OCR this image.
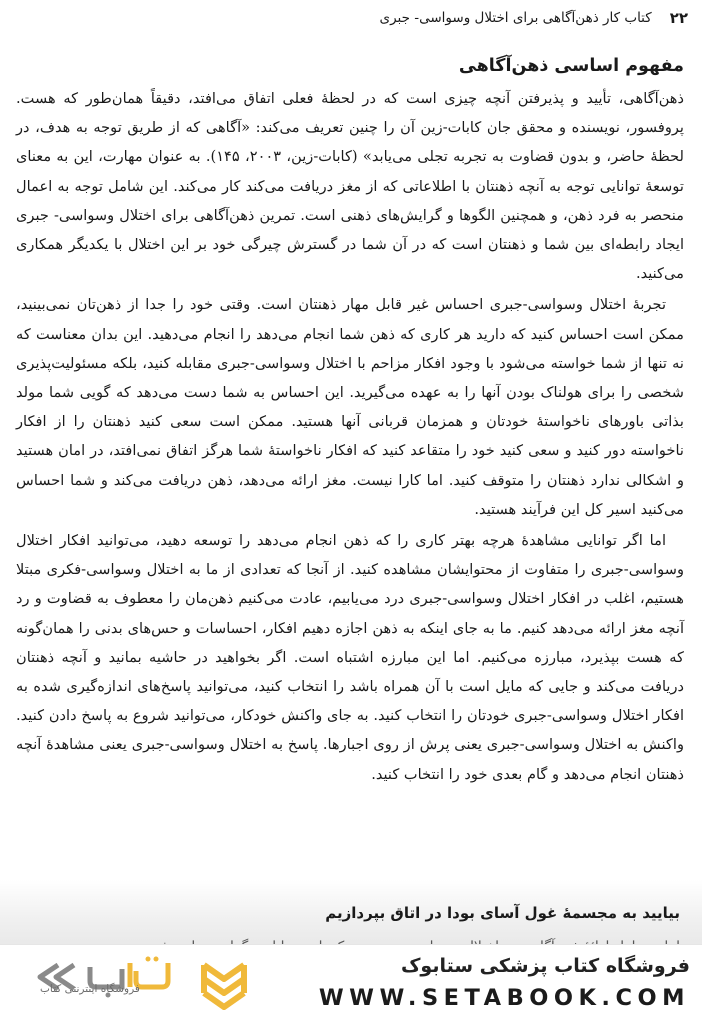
۲۲
کتاب کار ذهن‌آگاهی برای اختلال وسواسی- جبری
مفهوم اساسی ذهن‌آگاهی

ذهن‌آگاهی، تأیید و پذیرفتن آنچه چیزی است که در لحظهٔ فعلی اتفاق می‌افتد، دقیقاً همان‌طور که هست. پروفسور، نویسنده و محقق جان کابات-زین آن را چنین تعریف می‌کند: «آگاهی که از طریق توجه به هدف، در لحظهٔ حاضر، و بدون قضاوت به تجربه تجلی می‌یابد» (کابات-زین، ۲۰۰۳، ۱۴۵). به عنوان مهارت، این به معنای توسعهٔ توانایی توجه به آنچه ذهنتان با اطلاعاتی که از مغز دریافت می‌کند کار می‌کند. این شامل توجه به اعمال منحصر به فرد ذهن، و همچنین الگوها و گرایش‌های ذهنی است. تمرین ذهن‌آگاهی برای اختلال وسواسی- جبری ایجاد رابطه‌ای بین شما و ذهنتان است که در آن شما در گسترش چیرگی خود بر این اختلال با یکدیگر همکاری می‌کنید.

تجربهٔ اختلال وسواسی-جبری احساس غیر قابل مهار ذهنتان است. وقتی خود را جدا از ذهن‌تان نمی‌بینید، ممکن است احساس کنید که دارید هر کاری که ذهن شما انجام می‌دهد را انجام می‌دهید. این بدان معناست که نه تنها از شما خواسته می‌شود با وجود افکار مزاحم با اختلال وسواسی-جبری مقابله کنید، بلکه مسئولیت‌پذیری شخصی را برای هولناک بودن آنها را به عهده می‌گیرید. این احساس به شما دست می‌دهد که گویی شما مولد بذاتی باورهای ناخواستهٔ خودتان و همزمان قربانی آنها هستید. ممکن است سعی کنید ذهنتان را از افکار ناخواسته دور کنید و سعی کنید خود را متقاعد کنید که افکار ناخواستهٔ شما هرگز اتفاق نمی‌افتد، در امان هستید و اشکالی ندارد ذهنتان را متوقف کنید. اما کارا نیست. مغز ارائه می‌دهد، ذهن دریافت می‌کند و شما احساس می‌کنید اسیر کل این فرآیند هستید.

اما اگر توانایی مشاهدهٔ هرچه بهتر کاری را که ذهن انجام می‌دهد را توسعه دهید، می‌توانید افکار اختلال وسواسی-جبری را متفاوت از محتوایشان مشاهده کنید. از آنجا که تعدادی از ما به اختلال وسواسی-فکری مبتلا هستیم، اغلب در افکار اختلال وسواسی-جبری درد می‌یابیم، عادت می‌کنیم ذهن‌مان را معطوف به قضاوت و رد آنچه مغز ارائه می‌دهد کنیم. ما به جای اینکه به ذهن اجازه دهیم افکار، احساسات و حس‌های بدنی را همان‌گونه که هست بپذیرد، مبارزه می‌کنیم. اما این مبارزه اشتباه است. اگر بخواهید در حاشیه بمانید و آنچه ذهنتان دریافت می‌کند و جایی که مایل است با آن همراه باشد را انتخاب کنید، می‌توانید پاسخ‌های اندازه‌گیری شده به افکار اختلال وسواسی-جبری خودتان را انتخاب کنید. به جای واکنش خودکار، می‌توانید شروع به پاسخ دادن کنید. واکنش به اختلال وسواسی-جبری یعنی پرش از روی اجبارها. پاسخ به اختلال وسواسی-جبری یعنی مشاهدهٔ آنچه ذهنتان انجام می‌دهد و گام بعدی خود را انتخاب کنید.

بیایید به مجسمهٔ غول آسای بودا در اتاق بپردازیم
فروشگاه کتاب پزشکی ستابوک
WWW.SETABOOK.COM
فروشگاه اینترنتی کتاب
